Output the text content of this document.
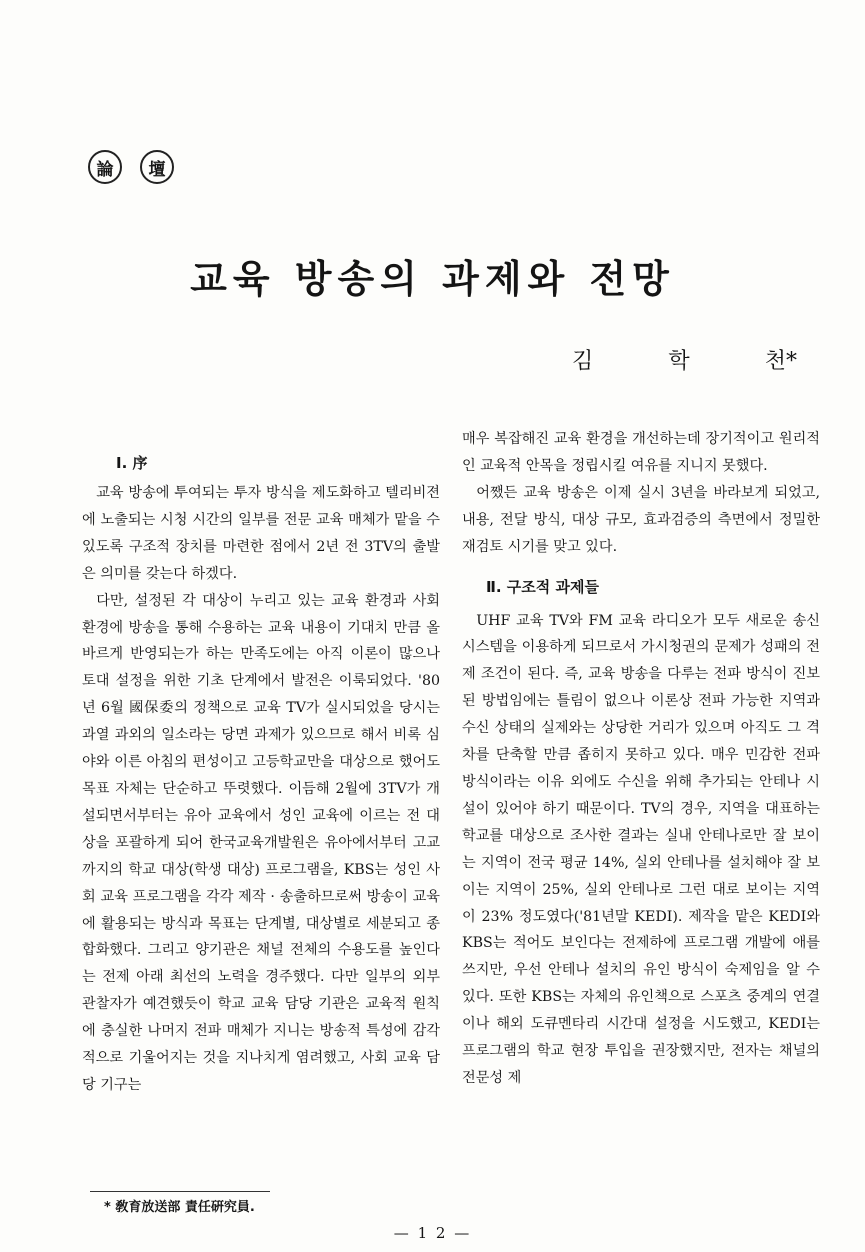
論	壇
교육 방송의 과제와 전망
김	학	천*

Ⅰ. 序

교육 방송에 투여되는 투자 방식을 제도화하고 텔리비젼에 노출되는 시청 시간의 일부를 전문 교육 매체가 맡을 수 있도록 구조적 장치를 마련한 점에서 2년 전 3TV의 출발은 의미를 갖는다 하겠다.

다만, 설정된 각 대상이 누리고 있는 교육 환경과 사회 환경에 방송을 통해 수용하는 교육 내용이 기대치 만큼 올바르게 반영되는가 하는 만족도에는 아직 이론이 많으나 토대 설정을 위한 기초 단계에서 발전은 이룩되었다. '80년 6월 國保委의 정책으로 교육 TV가 실시되었을 당시는 과열 과외의 일소라는 당면 과제가 있으므로 해서 비록 심야와 이른 아침의 편성이고 고등학교만을 대상으로 했어도 목표 자체는 단순하고 뚜렷했다. 이듬해 2월에 3TV가 개설되면서부터는 유아 교육에서 성인 교육에 이르는 전 대상을 포괄하게 되어 한국교육개발원은 유아에서부터 고교까지의 학교 대상(학생 대상) 프로그램을, KBS는 성인 사회 교육 프로그램을 각각 제작 · 송출하므로써 방송이 교육에 활용되는 방식과 목표는 단계별, 대상별로 세분되고 종합화했다. 그리고 양기관은 채널 전체의 수용도를 높인다는 전제 아래 최선의 노력을 경주했다. 다만 일부의 외부 관찰자가 예견했듯이 학교 교육 담당 기관은 교육적 원칙에 충실한 나머지 전파 매체가 지니는 방송적 특성에 감각적으로 기울어지는 것을 지나치게 염려했고, 사회 교육 담당 기구는

매우 복잡해진 교육 환경을 개선하는데 장기적이고 원리적인 교육적 안목을 정립시킬 여유를 지니지 못했다.

어쨌든 교육 방송은 이제 실시 3년을 바라보게 되었고, 내용, 전달 방식, 대상 규모, 효과검증의 측면에서 정밀한 재검토 시기를 맞고 있다.

Ⅱ. 구조적 과제들

UHF 교육 TV와 FM 교육 라디오가 모두 새로운 송신 시스템을 이용하게 되므로서 가시청권의 문제가 성패의 전제 조건이 된다. 즉, 교육 방송을 다루는 전파 방식이 진보된 방법임에는 틀림이 없으나 이론상 전파 가능한 지역과 수신 상태의 실제와는 상당한 거리가 있으며 아직도 그 격차를 단축할 만큼 좁히지 못하고 있다. 매우 민감한 전파 방식이라는 이유 외에도 수신을 위해 추가되는 안테나 시설이 있어야 하기 때문이다. TV의 경우, 지역을 대표하는 학교를 대상으로 조사한 결과는 실내 안테나로만 잘 보이는 지역이 전국 평균 14%, 실외 안테나를 설치해야 잘 보이는 지역이 25%, 실외 안테나로 그런 대로 보이는 지역이 23% 정도였다('81년말 KEDI). 제작을 맡은 KEDI와 KBS는 적어도 보인다는 전제하에 프로그램 개발에 애를 쓰지만, 우선 안테나 설치의 유인 방식이 숙제임을 알 수 있다. 또한 KBS는 자체의 유인책으로 스포츠 중계의 연결이나 해외 도큐멘타리 시간대 설정을 시도했고, KEDI는 프로그램의 학교 현장 투입을 권장했지만, 전자는 채널의 전문성 제

* 敎育放送部 責任硏究員.
— 1 2 —
